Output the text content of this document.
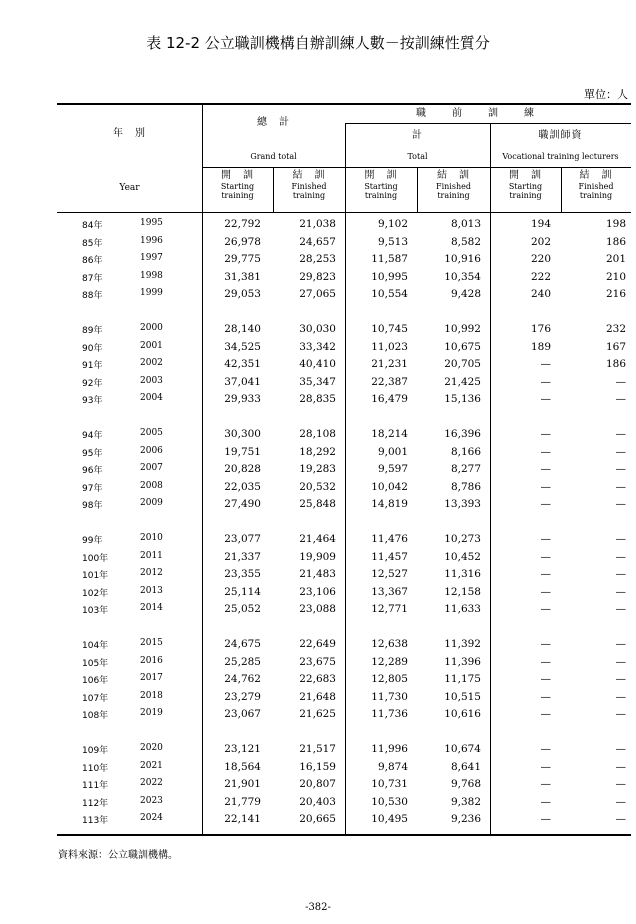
表 12-2 公立職訓機構自辦訓練人數－按訓練性質分
單位：人
年　別
Year
總　計
Grand total
職前訓練
計
Total
職訓師資
Vocational training lecturers
開　訓
Starting
training
結　訓
Finished
training
開　訓
Starting
training
結　訓
Finished
training
開　訓
Starting
training
結　訓
Finished
training
84年	1995	22,792	21,038	9,102	8,013	194	198
85年	1996	26,978	24,657	9,513	8,582	202	186
86年	1997	29,775	28,253	11,587	10,916	220	201
87年	1998	31,381	29,823	10,995	10,354	222	210
88年	1999	29,053	27,065	10,554	9,428	240	216
89年	2000	28,140	30,030	10,745	10,992	176	232
90年	2001	34,525	33,342	11,023	10,675	189	167
91年	2002	42,351	40,410	21,231	20,705	—	186
92年	2003	37,041	35,347	22,387	21,425	—	—
93年	2004	29,933	28,835	16,479	15,136	—	—
94年	2005	30,300	28,108	18,214	16,396	—	—
95年	2006	19,751	18,292	9,001	8,166	—	—
96年	2007	20,828	19,283	9,597	8,277	—	—
97年	2008	22,035	20,532	10,042	8,786	—	—
98年	2009	27,490	25,848	14,819	13,393	—	—
99年	2010	23,077	21,464	11,476	10,273	—	—
100年	2011	21,337	19,909	11,457	10,452	—	—
101年	2012	23,355	21,483	12,527	11,316	—	—
102年	2013	25,114	23,106	13,367	12,158	—	—
103年	2014	25,052	23,088	12,771	11,633	—	—
104年	2015	24,675	22,649	12,638	11,392	—	—
105年	2016	25,285	23,675	12,289	11,396	—	—
106年	2017	24,762	22,683	12,805	11,175	—	—
107年	2018	23,279	21,648	11,730	10,515	—	—
108年	2019	23,067	21,625	11,736	10,616	—	—
109年	2020	23,121	21,517	11,996	10,674	—	—
110年	2021	18,564	16,159	9,874	8,641	—	—
111年	2022	21,901	20,807	10,731	9,768	—	—
112年	2023	21,779	20,403	10,530	9,382	—	—
113年	2024	22,141	20,665	10,495	9,236	—	—
資料來源：公立職訓機構。
-382-
